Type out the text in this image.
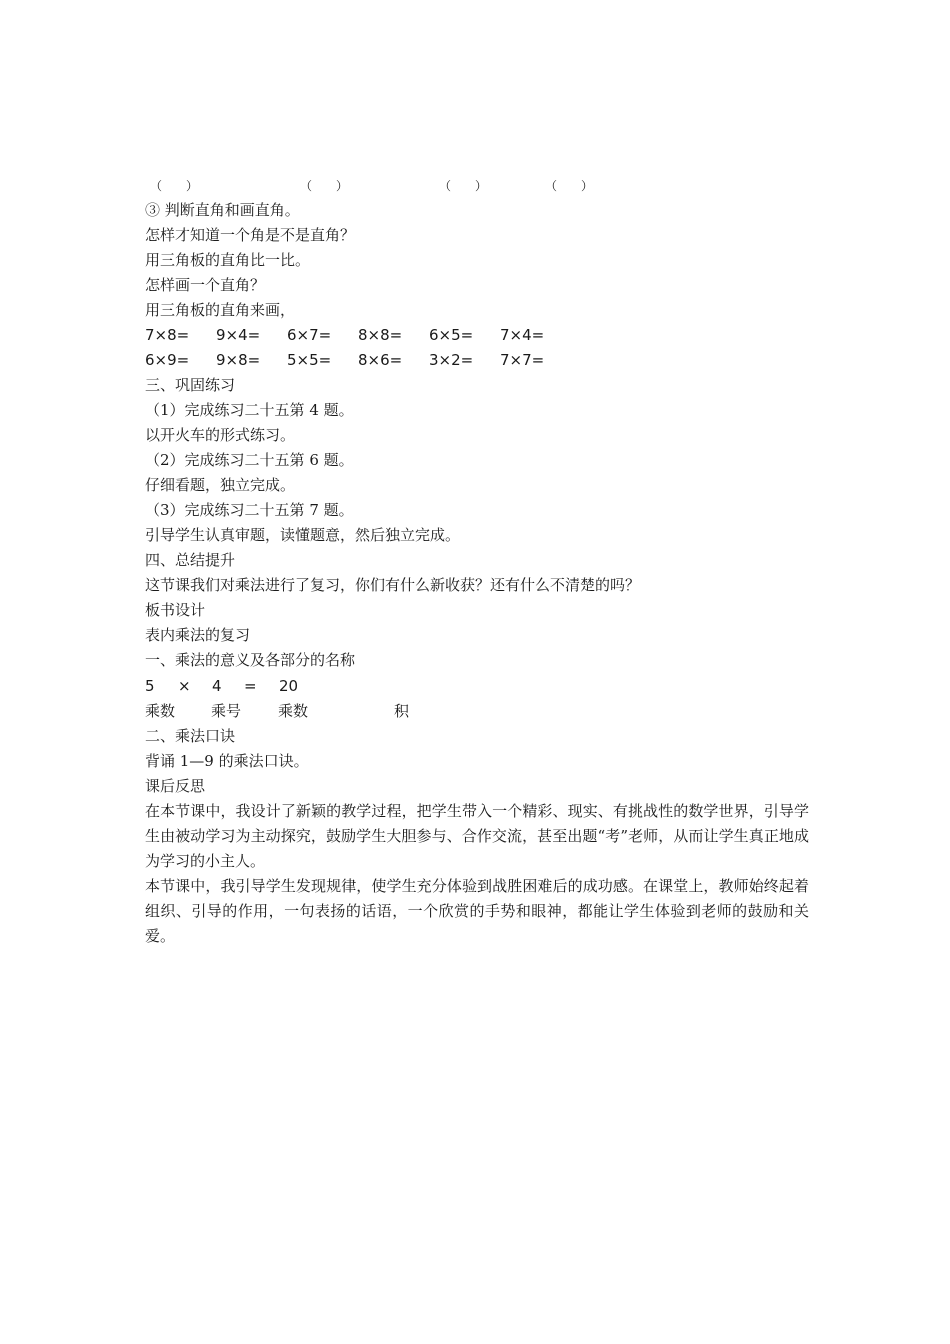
（　　）	（　　）	（　　）	（　　）
③ 判断直角和画直角。
怎样才知道一个角是不是直角？
用三角板的直角比一比。
怎样画一个直角？
用三角板的直角来画，
7×8=	9×4=	6×7=	8×8=	6×5=	7×4=
6×9=	9×8=	5×5=	8×6=	3×2=	7×7=
三、巩固练习
（1）完成练习二十五第 4 题。
以开火车的形式练习。
（2）完成练习二十五第 6 题。
仔细看题，独立完成。
（3）完成练习二十五第 7 题。
引导学生认真审题，读懂题意，然后独立完成。
四、总结提升
这节课我们对乘法进行了复习，你们有什么新收获？还有什么不清楚的吗？
板书设计
表内乘法的复习
一、乘法的意义及各部分的名称
5 × 4 = 20
乘数 乘号 乘数	积
二、乘法口诀
背诵 1—9 的乘法口诀。
课后反思
在本节课中，我设计了新颖的教学过程，把学生带入一个精彩、现实、有挑战性的数学世界，引导学生由被动学习为主动探究，鼓励学生大胆参与、合作交流，甚至出题“考”老师，从而让学生真正地成为学习的小主人。
本节课中，我引导学生发现规律，使学生充分体验到战胜困难后的成功感。在课堂上，教师始终起着组织、引导的作用，一句表扬的话语，一个欣赏的手势和眼神，都能让学生体验到老师的鼓励和关爱。
